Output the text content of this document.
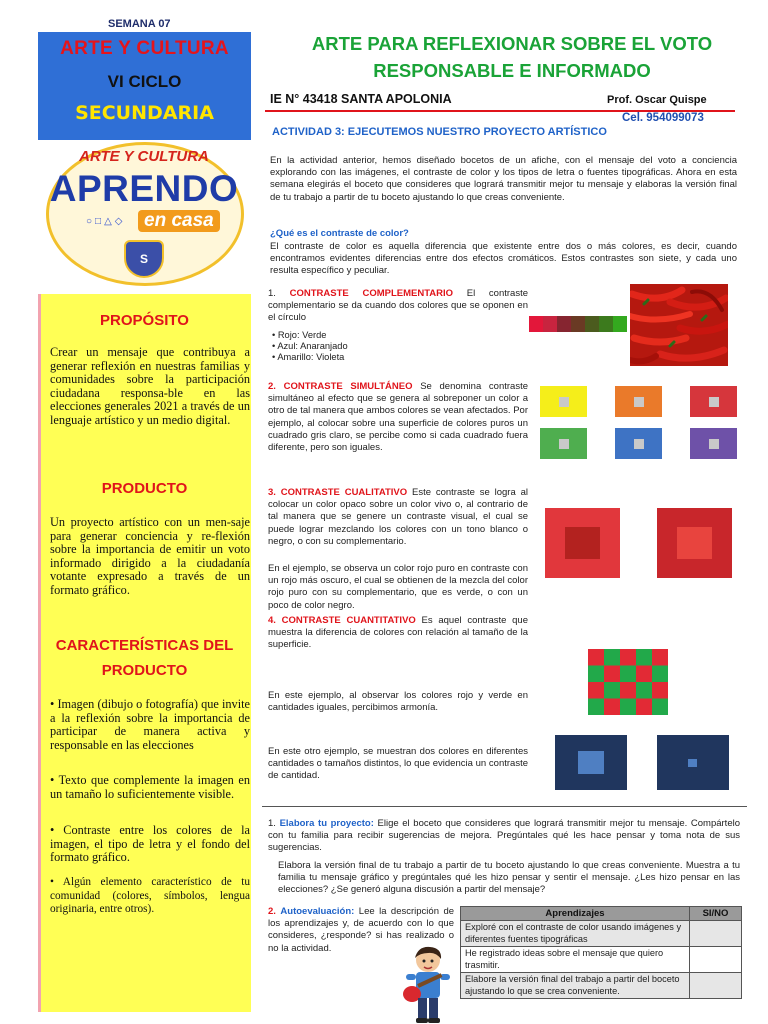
SEMANA 07
ARTE Y CULTURA
VI CICLO
SECUNDARIA
ARTE Y CULTURA
APRENDO
○□△◇ en casa
S
PROPÓSITO
Crear un mensaje que contribuya a generar reflexión en nuestras familias y comunidades sobre la participación ciudadana responsa-ble en las elecciones generales 2021 a través de un lenguaje artístico y un medio digital.
PRODUCTO
Un proyecto artístico con un men-saje para generar conciencia y re-flexión sobre la importancia de emitir un voto informado dirigido a la ciudadanía votante expresado a través de un formato gráfico.
CARACTERÍSTICAS DEL
PRODUCTO
• Imagen (dibujo o fotografía) que invite a la reflexión sobre la importancia de participar de manera activa y responsable en las elecciones
• Texto que complemente la imagen en un tamaño lo suficientemente visible.
• Contraste entre los colores de la imagen, el tipo de letra y el fondo del formato gráfico.
• Algún elemento característico de tu comunidad (colores, símbolos, lengua originaria, entre otros).
ARTE PARA REFLEXIONAR SOBRE EL VOTO RESPONSABLE E INFORMADO
IE N° 43418 SANTA APOLONIA	Prof. Oscar Quispe
Cel. 954099073
ACTIVIDAD 3: EJECUTEMOS NUESTRO PROYECTO ARTÍSTICO
En la actividad anterior, hemos diseñado bocetos de un afiche, con el mensaje del voto a conciencia explorando con las imágenes, el contraste de color y los tipos de letra o fuentes tipográficas. Ahora en esta semana elegirás el boceto que consideres que logrará transmitir mejor tu mensaje y elaboras la versión final de tu trabajo a partir de tu boceto ajustando lo que creas conveniente.
¿Qué es el contraste de color?
El contraste de color es aquella diferencia que existente entre dos o más colores, es decir, cuando encontramos evidentes diferencias entre dos efectos cromáticos. Estos contrastes son siete, y cada uno resulta específico y peculiar.
1. CONTRASTE COMPLEMENTARIO El contraste complementario se da cuando dos colores que se oponen en el círculo
• Rojo: Verde
• Azul: Anaranjado
• Amarillo: Violeta
2. CONTRASTE SIMULTÁNEO Se denomina contraste simultáneo al efecto que se genera al sobreponer un color a otro de tal manera que ambos colores se vean afectados. Por ejemplo, al colocar sobre una superficie de colores puros un cuadrado gris claro, se percibe como si cada cuadrado fuera diferente, pero son iguales.
3. CONTRASTE CUALITATIVO Este contraste se logra al colocar un color opaco sobre un color vivo o, al contrario de tal manera que se genere un contraste visual, el cual se puede lograr mezclando los colores con un tono blanco o negro, o con su complementario.
En el ejemplo, se observa un color rojo puro en contraste con un rojo más oscuro, el cual se obtienen de la mezcla del color rojo puro con su complementario, que es verde, o con un poco de color negro.
4. CONTRASTE CUANTITATIVO Es aquel contraste que muestra la diferencia de colores con relación al tamaño de la superficie.
En este ejemplo, al observar los colores rojo y verde en cantidades iguales, percibimos armonía.
En este otro ejemplo, se muestran dos colores en diferentes cantidades o tamaños distintos, lo que evidencia un contraste de cantidad.
1. Elabora tu proyecto: Elige el boceto que consideres que logrará transmitir mejor tu mensaje. Compártelo con tu familia para recibir sugerencias de mejora. Pregúntales qué les hace pensar y toma nota de sus sugerencias.
Elabora la versión final de tu trabajo a partir de tu boceto ajustando lo que creas conveniente. Muestra a tu familia tu mensaje gráfico y pregúntales qué les hizo pensar y sentir el mensaje. ¿Les hizo pensar en las elecciones? ¿Se generó alguna discusión a partir del mensaje?
2. Autoevaluación: Lee la descripción de los aprendizajes y, de acuerdo con lo que consideres, ¿responde? si has realizado o no la actividad.
Aprendizajes	SI/NO
Exploré con el contraste de color usando imágenes y diferentes fuentes tipográficas	
He registrado ideas sobre el mensaje que quiero trasmitir.	
Elabore la versión final del trabajo a partir del boceto ajustando lo que se crea conveniente.	
